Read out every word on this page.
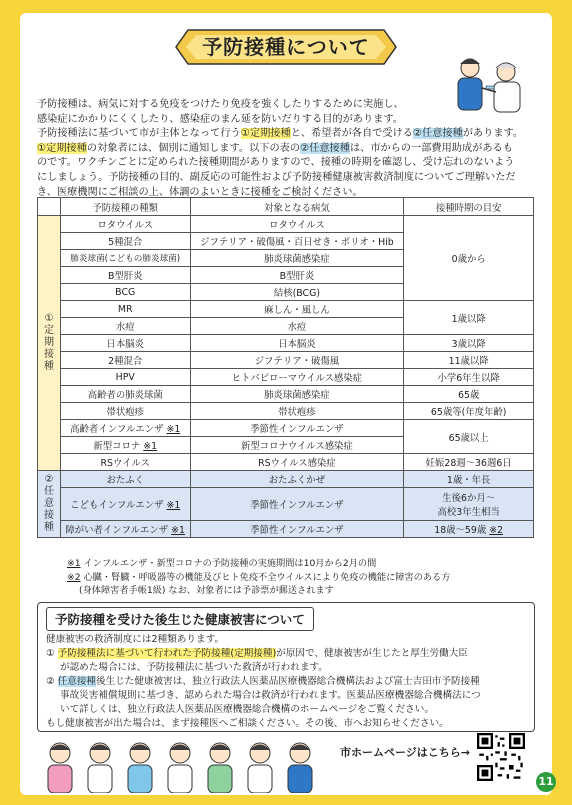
予防接種について

予防接種は、病気に対する免疫をつけたり免疫を強くしたりするために実施し、

感染症にかかりにくくしたり、感染症のまん延を防いだりする目的があります。

予防接種法に基づいて市が主体となって行う①定期接種と、希望者が各自で受ける②任意接種があります。

①定期接種の対象者には、個別に通知します。以下の表の②任意接種は、市からの一部費用助成があるも

のです。ワクチンごとに定められた接種期間がありますので、接種の時期を確認し、受け忘れのないよう

にしましょう。予防接種の目的、副反応の可能性および予防接種健康被害救済制度についてご理解いただ

き、医療機関にご相談の上、体調のよいときに接種をご検討ください。

	予防接種の種類	対象となる病気	接種時期の目安
①定期接種	ロタウイルス	ロタウイルス	0歳から
	5種混合	ジフテリア・破傷風・百日せき・ポリオ・Hib	
	肺炎球菌(こどもの肺炎球菌)	肺炎球菌感染症	
	B型肝炎	B型肝炎	
	BCG	結核(BCG)	
	MR	麻しん・風しん	1歳以降
	水痘	水痘	
	日本脳炎	日本脳炎	3歳以降
	2種混合	ジフテリア・破傷風	11歳以降
	HPV	ヒトパピローマウイルス感染症	小学6年生以降
	高齢者の肺炎球菌	肺炎球菌感染症	65歳
	帯状疱疹	帯状疱疹	65歳等(年度年齢)
	高齢者インフルエンザ ※1	季節性インフルエンザ	65歳以上
	新型コロナ ※1	新型コロナウイルス感染症	
	RSウイルス	RSウイルス感染症	妊娠28週～36週6日
②任意接種	おたふく	おたふくかぜ	1歳・年長
	こどもインフルエンザ ※1	季節性インフルエンザ	生後6か月～
高校3年生相当

	障がい者インフルエンザ ※1	季節性インフルエンザ	18歳～59歳 ※2

※1 インフルエンザ・新型コロナの予防接種の実施期間は10月から2月の間

※2 心臓・腎臓・呼吸器等の機能及びヒト免疫不全ウイルスにより免疫の機能に障害のある方

(身体障害者手帳1級) なお、対象者には予診票が郵送されます

予防接種を受けた後生じた健康被害について

健康被害の救済制度には2種類あります。

① 予防接種法に基づいて行われた予防接種(定期接種)が原因で、健康被害が生じたと厚生労働大臣

が認めた場合には、予防接種法に基づいた救済が行われます。

② 任意接種後生じた健康被害は、独立行政法人医薬品医療機器総合機構法および富士吉田市予防接種

事故災害補償規則に基づき、認められた場合は救済が行われます。医薬品医療機器総合機構法につ

いて詳しくは、独立行政法人医薬品医療機器総合機構のホームページをご覧ください。

もし健康被害が出た場合は、まず接種医へご相談ください。その後、市へお知らせください。

市ホームページはこちら→
11
